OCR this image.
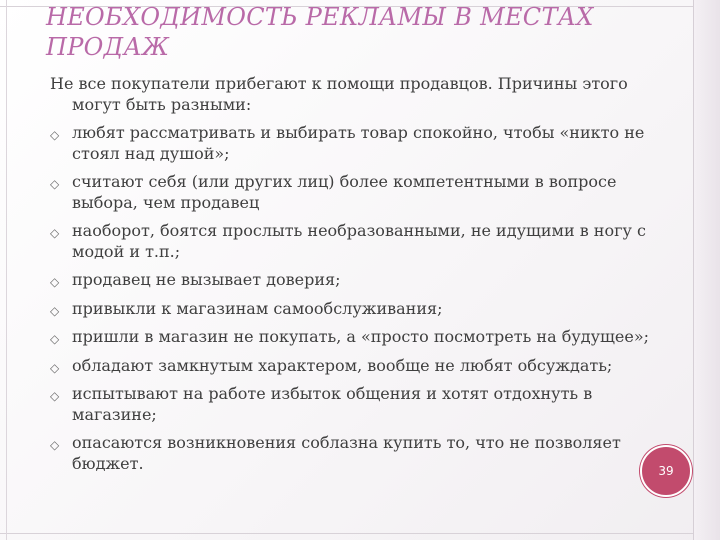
НЕОБХОДИМОСТЬ РЕКЛАМЫ В МЕСТАХ ПРОДАЖ

Не все покупатели прибегают к помощи продавцов. Причины этого могут быть разными:

◇ любят рассматривать и выбирать товар спокойно, чтобы «никто не стоял над душой»;
◇ считают себя (или других лиц) более компетентными в вопросе выбора, чем продавец
◇ наоборот, боятся прослыть необразованными, не идущими в ногу с модой и т.п.;
◇ продавец не вызывает доверия;
◇ привыкли к магазинам самообслуживания;
◇ пришли в магазин не покупать, а «просто посмотреть на будущее»;
◇ обладают замкнутым характером, вообще не любят обсуждать;
◇ испытывают на работе избыток общения и хотят отдохнуть в магазине;
◇ опасаются возникновения соблазна купить то, что не позволяет бюджет.	39
